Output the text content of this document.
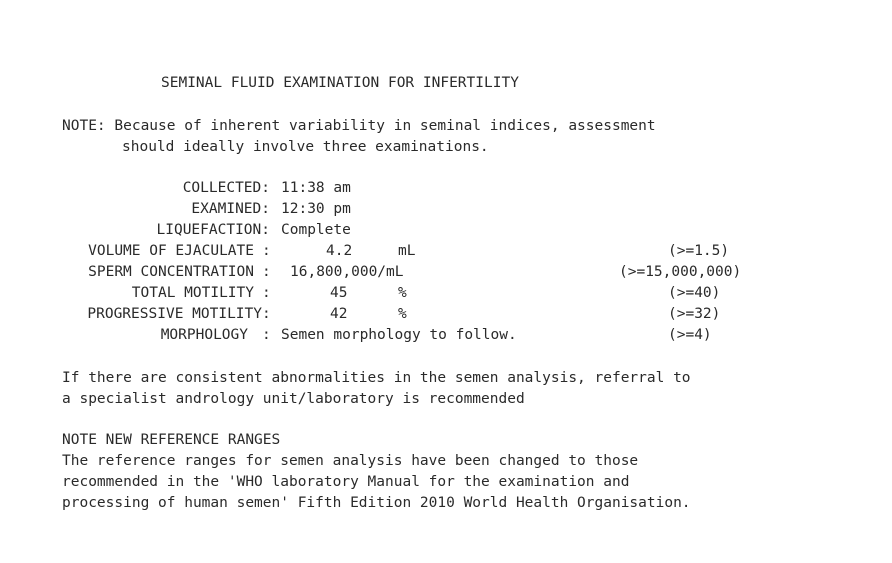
SEMINAL FLUID EXAMINATION FOR INFERTILITY
NOTE: Because of inherent variability in seminal indices, assessment
should ideally involve three examinations.
COLLECTED: 11:38 am
EXAMINED: 12:30 pm
LIQUEFACTION: Complete
VOLUME OF EJACULATE :	4.2	mL	(>=1.5)
SPERM CONCENTRATION : 16,800,000/mL	(>=15,000,000)
TOTAL MOTILITY :	45	%	(>=40)
PROGRESSIVE MOTILITY :	42	%	(>=32)
MORPHOLOGY : Semen morphology to follow.	(>=4)
If there are consistent abnormalities in the semen analysis, referral to
a specialist andrology unit/laboratory is recommended
NOTE NEW REFERENCE RANGES
The reference ranges for semen analysis have been changed to those
recommended in the 'WHO laboratory Manual for the examination and
processing of human semen' Fifth Edition 2010 World Health Organisation.
